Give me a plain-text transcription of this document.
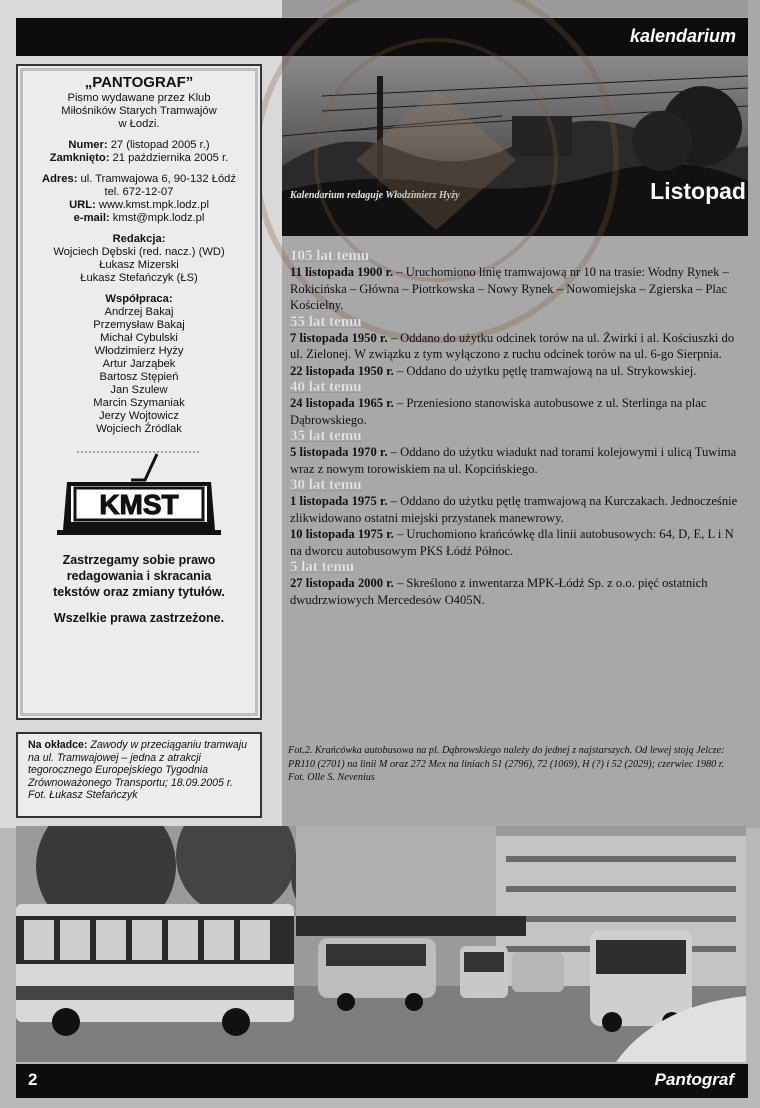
kalendarium
Kalendarium redaguje Włodzimierz Hyży	Listopad
„PANTOGRAF”
Pismo wydawane przez Klub
Miłośników Starych Tramwajów
w Łodzi.
Numer: 27 (listopad 2005 r.)
Zamknięto: 21 października 2005 r.
Adres: ul. Tramwajowa 6, 90-132 Łódź
tel. 672-12-07
URL: www.kmst.mpk.lodz.pl
e-mail: kmst@mpk.lodz.pl
Redakcja:
Wojciech Dębski (red. nacz.) (WD)
Łukasz Mizerski
Łukasz Stefańczyk (ŁS)
Współpraca:
Andrzej Bakaj
Przemysław Bakaj
Michał Cybulski
Włodzimierz Hyży
Artur Jarząbek
Bartosz Stępień
Jan Szulew
Marcin Szymaniak
Jerzy Wojtowicz
Wojciech Źródlak
KMST
Zastrzegamy sobie prawo
redagowania i skracania
tekstów oraz zmiany tytułów.
Wszelkie prawa zastrzeżone.
Na okładce: Zawody w przeciąganiu tramwaju na ul. Tramwajowej – jedna z atrakcji tegorocznego Europejskiego Tygodnia Zrównoważonego Transportu; 18.09.2005 r. Fot. Łukasz Stefańczyk
105 lat temu

11 listopada 1900 r. – Uruchomiono linię tramwajową nr 10 na trasie: Wodny Rynek – Rokicińska – Główna – Piotrkowska – Nowy Rynek – Nowomiejska – Zgierska – Plac Kościelny.

55 lat temu

7 listopada 1950 r. – Oddano do użytku odcinek torów na ul. Żwirki i al. Kościuszki do ul. Zielonej. W związku z tym wyłączono z ruchu odcinek torów na ul. 6-go Sierpnia.

22 listopada 1950 r. – Oddano do użytku pętlę tramwajową na ul. Strykowskiej.

40 lat temu

24 listopada 1965 r. – Przeniesiono stanowiska autobusowe z ul. Sterlinga na plac Dąbrowskiego.

35 lat temu

5 listopada 1970 r. – Oddano do użytku wiadukt nad torami kolejowymi i ulicą Tuwima wraz z nowym torowiskiem na ul. Kopcińskiego.

30 lat temu

1 listopada 1975 r. – Oddano do użytku pętlę tramwajową na Kurczakach. Jednocześnie zlikwidowano ostatni miejski przystanek manewrowy.

10 listopada 1975 r. – Uruchomiono krańcówkę dla linii autobusowych: 64, D, E, L i N na dworcu autobusowym PKS Łódź Północ.

5 lat temu

27 listopada 2000 r. – Skreślono z inwentarza MPK-Łódź Sp. z o.o. pięć ostatnich dwudrzwiowych Mercedesów O405N.

Fot.2. Krańcówka autobusowa na pl. Dąbrowskiego należy do jednej z najstarszych. Od lewej stoją Jelcze: PR110 (2701) na linii M oraz 272 Mex na liniach 51 (2796), 72 (1069), H (?) i 52 (2029); czerwiec 1980 r.
Fot. Olle S. Nevenius
2	Pantograf
